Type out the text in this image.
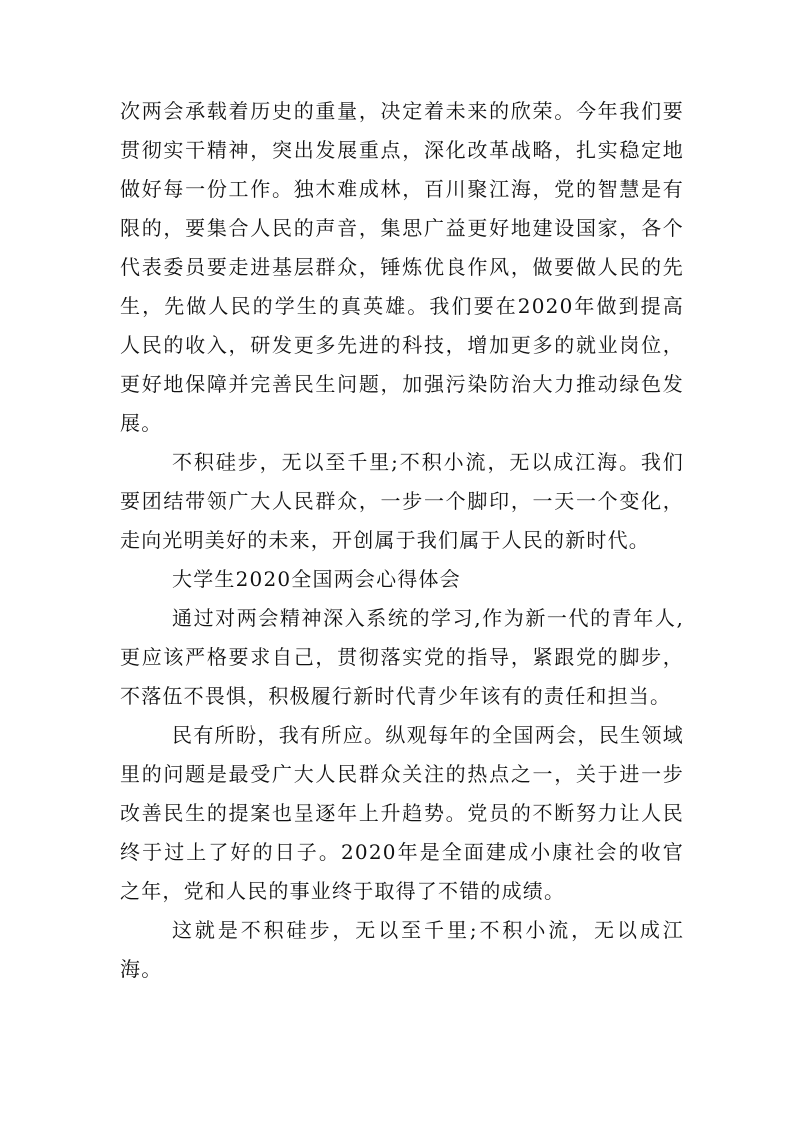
次两会承载着历史的重量，决定着未来的欣荣。今年我们要贯彻实干精神，突出发展重点，深化改革战略，扎实稳定地做好每一份工作。独木难成林，百川聚江海，党的智慧是有限的，要集合人民的声音，集思广益更好地建设国家，各个代表委员要走进基层群众，锤炼优良作风，做要做人民的先生，先做人民的学生的真英雄。我们要在2020年做到提高人民的收入，研发更多先进的科技，增加更多的就业岗位，更好地保障并完善民生问题，加强污染防治大力推动绿色发展。

不积硅步，无以至千里;不积小流，无以成江海。我们要团结带领广大人民群众，一步一个脚印，一天一个变化，走向光明美好的未来，开创属于我们属于人民的新时代。

大学生2020全国两会心得体会

通过对两会精神深入系统的学习,作为新一代的青年人,更应该严格要求自己，贯彻落实党的指导，紧跟党的脚步，不落伍不畏惧，积极履行新时代青少年该有的责任和担当。

民有所盼，我有所应。纵观每年的全国两会，民生领域里的问题是最受广大人民群众关注的热点之一，关于进一步改善民生的提案也呈逐年上升趋势。党员的不断努力让人民终于过上了好的日子。2020年是全面建成小康社会的收官之年，党和人民的事业终于取得了不错的成绩。

这就是不积硅步，无以至千里;不积小流，无以成江海。
